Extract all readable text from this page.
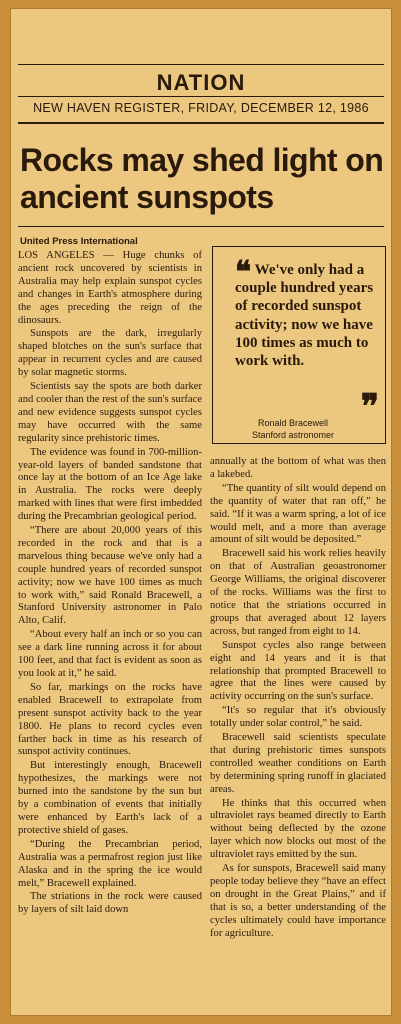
NATION
NEW HAVEN REGISTER, FRIDAY, DECEMBER 12, 1986
Rocks may shed light on ancient sunspots
United Press International

LOS ANGELES — Huge chunks of ancient rock uncovered by scientists in Australia may help explain sunspot cycles and changes in Earth's atmosphere during the ages preceding the reign of the dinosaurs.

Sunspots are the dark, irregularly shaped blotches on the sun's surface that appear in recurrent cycles and are caused by solar magnetic storms.

Scientists say the spots are both darker and cooler than the rest of the sun's surface and new evidence suggests sunspot cycles may have occurred with the same regularity since prehistoric times.

The evidence was found in 700-million-year-old layers of banded sandstone that once lay at the bottom of an Ice Age lake in Australia. The rocks were deeply marked with lines that were first imbedded during the Precambrian geological period.

“There are about 20,000 years of this recorded in the rock and that is a marvelous thing because we've only had a couple hundred years of recorded sunspot activity; now we have 100 times as much to work with,” said Ronald Bracewell, a Stanford University astronomer in Palo Alto, Calif.

“About every half an inch or so you can see a dark line running across it for about 100 feet, and that fact is evident as soon as you look at it,” he said.

So far, markings on the rocks have enabled Bracewell to extrapolate from present sunspot activity back to the year 1800. He plans to record cycles even farther back in time as his research of sunspot activity continues.

But interestingly enough, Bracewell hypothesizes, the markings were not burned into the sandstone by the sun but by a combination of events that initially were enhanced by Earth's lack of a protective shield of gases.

“During the Precambrian period, Australia was a permafrost region just like Alaska and in the spring the ice would melt,” Bracewell explained.

The striations in the rock were caused by layers of silt laid down

❝ We've only had a couple hundred years of recorded sunspot activity; now we have 100 times as much to work with.
❞
Ronald Bracewell
Stanford astronomer

annually at the bottom of what was then a lakebed.

“The quantity of silt would depend on the quantity of water that ran off,” he said. “If it was a warm spring, a lot of ice would melt, and a more than average amount of silt would be deposited.”

Bracewell said his work relies heavily on that of Australian geoastronomer George Williams, the original discoverer of the rocks. Williams was the first to notice that the striations occurred in groups that averaged about 12 layers across, but ranged from eight to 14.

Sunspot cycles also range between eight and 14 years and it is that relationship that prompted Bracewell to agree that the lines were caused by activity occurring on the sun's surface.

“It's so regular that it's obviously totally under solar control,” he said.

Bracewell said scientists speculate that during prehistoric times sunspots controlled weather conditions on Earth by determining spring runoff in glaciated areas.

He thinks that this occurred when ultraviolet rays beamed directly to Earth without being deflected by the ozone layer which now blocks out most of the ultraviolet rays emitted by the sun.

As for sunspots, Bracewell said many people today believe they “have an effect on drought in the Great Plains,” and if that is so, a better understanding of the cycles ultimately could have importance for agriculture.
